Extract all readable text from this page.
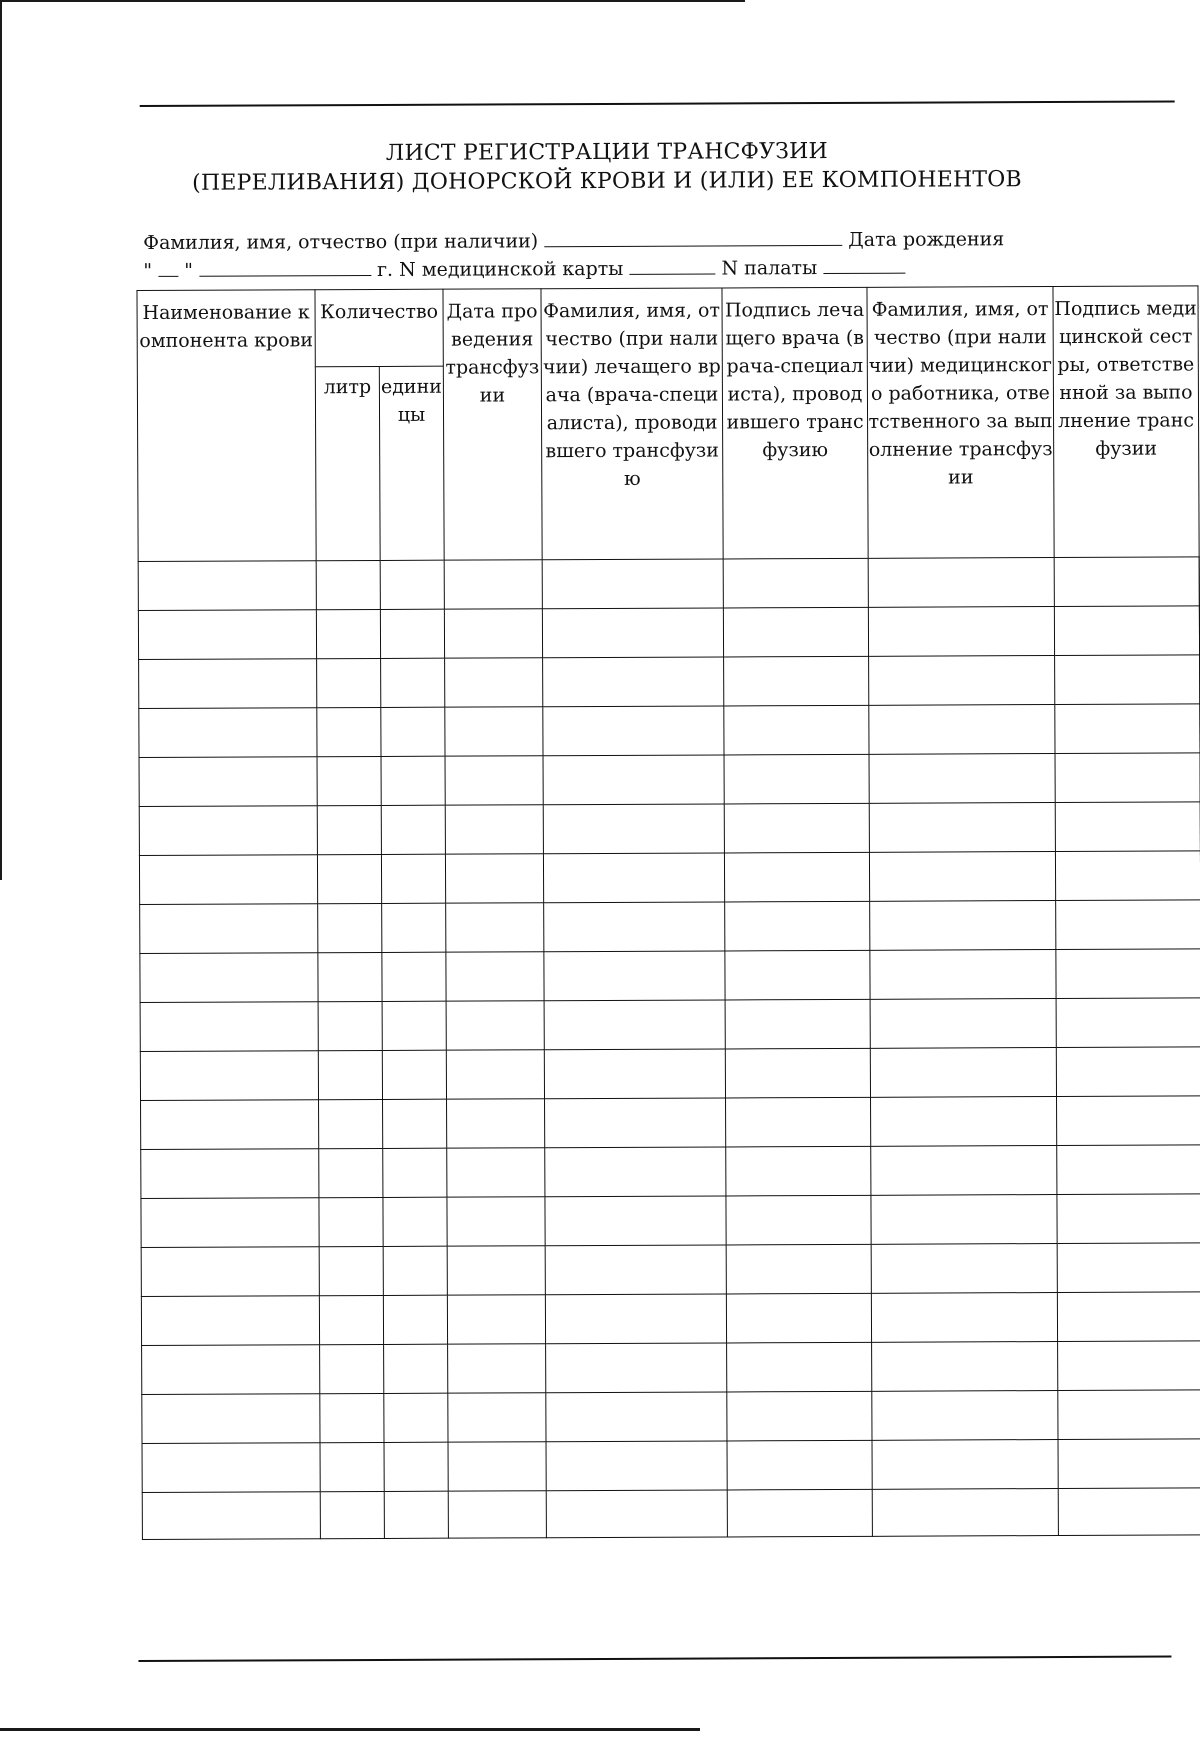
ЛИСТ РЕГИСТРАЦИИ ТРАНСФУЗИИ
(ПЕРЕЛИВАНИЯ) ДОНОРСКОЙ КРОВИ И (ИЛИ) ЕЕ КОМПОНЕНТОВ
Фамилия, имя, отчество (при наличии)	Дата рождения
" "	г. N медицинской карты	N палаты
Наименование компонента крови	Количество		Дата проведения трансфузии	Фамилия, имя, отчество (при наличии) лечащего врача (врача-специалиста), проводившего трансфузию	Подпись лечащего врача (врача-специалиста), проводившего трансфузию	Фамилия, имя, отчество (при наличии) медицинского работника, ответственного за выполнение трансфузии	Подпись медицинской сестры, ответственной за выполнение трансфузии	
	литр	единицы						
